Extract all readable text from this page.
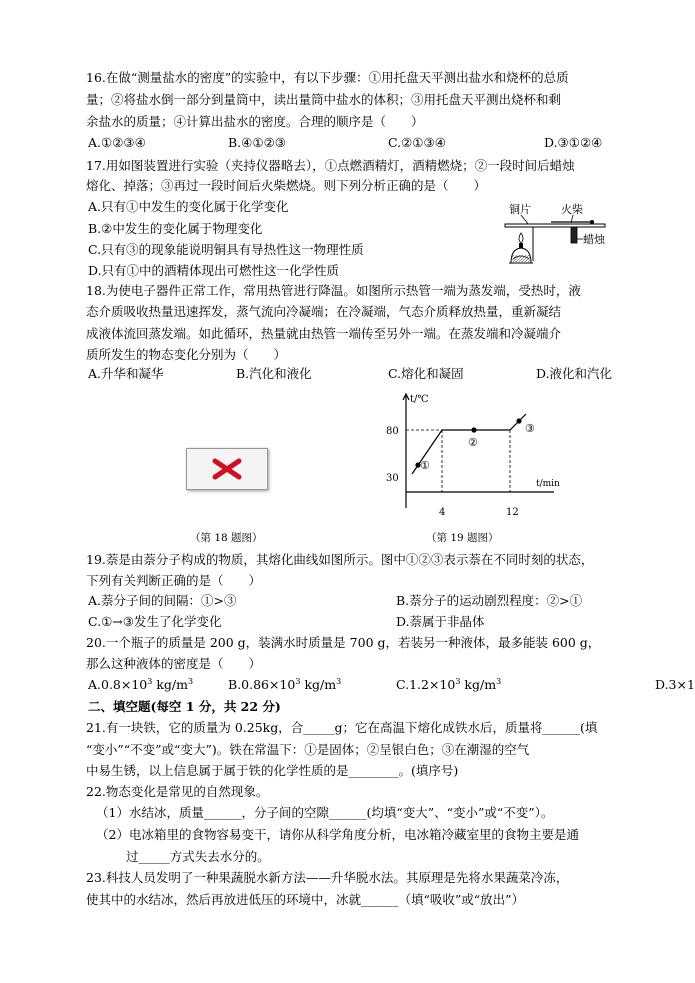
16.在做“测量盐水的密度”的实验中，有以下步骤：①用托盘天平测出盐水和烧杯的总质
量；②将盐水倒一部分到量筒中，读出量筒中盐水的体积；③用托盘天平测出烧杯和剩
余盐水的质量；④计算出盐水的密度。合理的顺序是（　　）
A.①②③④	B.④①②③	C.②①③④	D.③①②④
17.用如图装置进行实验（夹持仪器略去），①点燃酒精灯，酒精燃烧；②一段时间后蜡烛
熔化、掉落；③再过一段时间后火柴燃烧。则下列分析正确的是（　　）
A.只有①中发生的变化属于化学变化
B.②中发生的变化属于物理变化
C.只有③的现象能说明铜具有导热性这一物理性质
D.只有①中的酒精体现出可燃性这一化学性质
铜片	火柴
蜡烛
18.为使电子器件正常工作，常用热管进行降温。如图所示热管一端为蒸发端，受热时，液
态介质吸收热量迅速挥发，蒸气流向冷凝端；在冷凝端，气态介质释放热量，重新凝结
成液体流回蒸发端。如此循环，热量就由热管一端传至另外一端。在蒸发端和冷凝端介
质所发生的物态变化分别为（　　）
A.升华和凝华	B.汽化和液化	C.熔化和凝固	D.液化和汽化
t/℃
t/min
80
30
4	12
①
②
③
（第 18 题图）	（第 19 题图）
19.萘是由萘分子构成的物质，其熔化曲线如图所示。图中①②③表示萘在不同时刻的状态，
下列有关判断正确的是（　　）
A.萘分子间的间隔：①>③	B.萘分子的运动剧烈程度：②>①
C.①→③发生了化学变化	D.萘属于非晶体
20.一个瓶子的质量是 200 g，装满水时质量是 700 g，若装另一种液体，最多能装 600 g，
那么这种液体的密度是（　　）
$A.0.8\times 10^3$ $kg/m^3$	$B.0.86\times 10^3$ $kg/m^3$	$C.1.2\times 10^3$ $kg/m^3$	D.3×1
二、填空题(每空 1 分，共 22 分)
21.有一块铁，它的质量为 0.25kg，合_____g；它在高温下熔化成铁水后，质量将______(填
“变小”“不变”或“变大”)。铁在常温下：①是固体；②呈银白色；③在潮湿的空气
中易生锈，以上信息属于属于铁的化学性质的是________。(填序号)
22.物态变化是常见的自然现象。
（1）水结冰，质量______，分子间的空隙______(均填“变大”、“变小”或“不变”）。
（2）电冰箱里的食物容易变干，请你从科学角度分析，电冰箱冷藏室里的食物主要是通
过_____方式失去水分的。
23.科技人员发明了一种果蔬脱水新方法——升华脱水法。其原理是先将水果蔬菜冷冻，
使其中的水结冰，然后再放进低压的环境中，冰就______（填“吸收”或“放出”）
